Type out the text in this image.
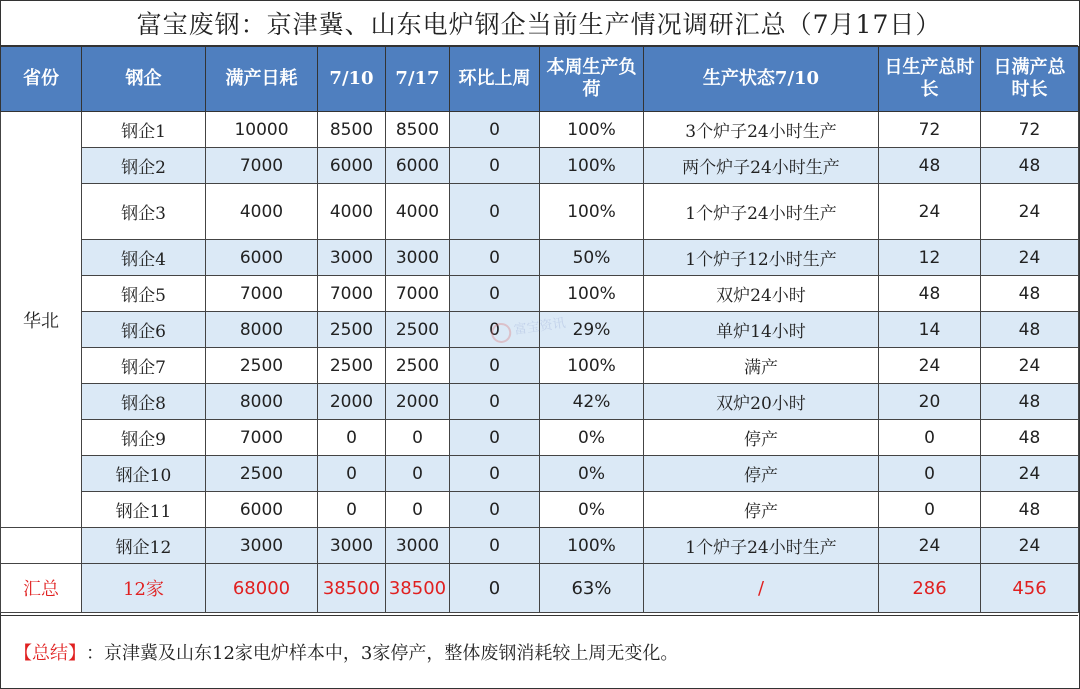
富宝废钢：京津冀、山东电炉钢企当前生产情况调研汇总（7月17日）
省份	钢企	满产日耗	7/10	7/17	环比上周	本周生产负荷	生产状态7/10	日生产总时长	日满产总时长
华北	钢企1	10000	8500	8500	0	100%	3个炉子24小时生产	72	72
	钢企2	7000	6000	6000	0	100%	两个炉子24小时生产	48	48
	钢企3	4000	4000	4000	0	100%	1个炉子24小时生产	24	24
	钢企4	6000	3000	3000	0	50%	1个炉子12小时生产	12	24
	钢企5	7000	7000	7000	0	100%	双炉24小时	48	48
	钢企6	8000	2500	2500	0	29%	单炉14小时	14	48
	钢企7	2500	2500	2500	0	100%	满产	24	24
	钢企8	8000	2000	2000	0	42%	双炉20小时	20	48
	钢企9	7000	0	0	0	0%	停产	0	48
	钢企10	2500	0	0	0	0%	停产	0	24
	钢企11	6000	0	0	0	0%	停产	0	48
	钢企12	3000	3000	3000	0	100%	1个炉子24小时生产	24	24
汇总	12家	68000	38500	38500	0	63%	/	286	456
富宝资讯
【总结】 ：京津冀及山东12家电炉样本中，3家停产，整体废钢消耗较上周无变化。
